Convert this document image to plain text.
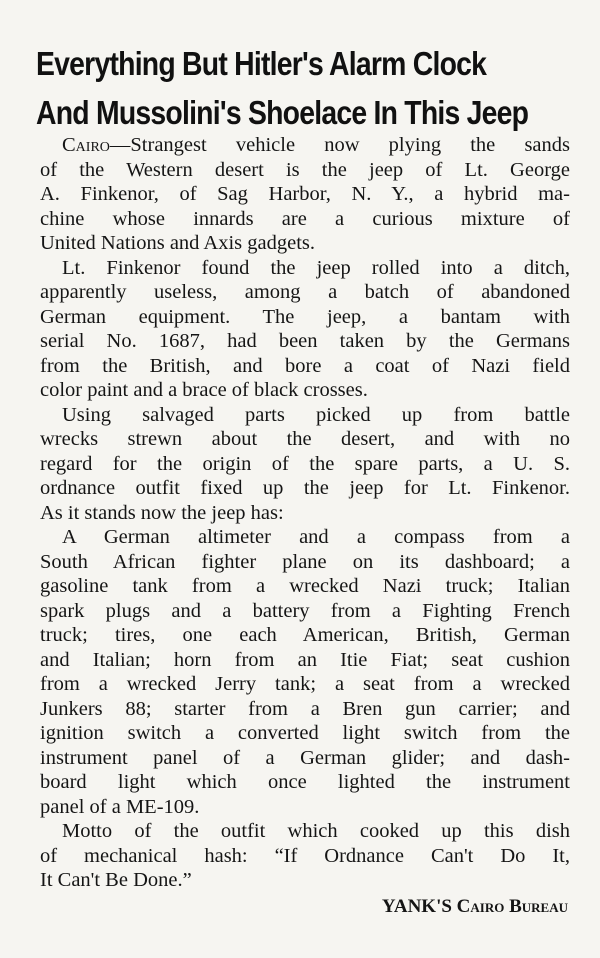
Everything But Hitler's Alarm Clock
And Mussolini's Shoelace In This Jeep
Cairo—Strangest vehicle now plying the sands
of the Western desert is the jeep of Lt. George
A. Finkenor, of Sag Harbor, N. Y., a hybrid ma-
chine whose innards are a curious mixture of
United Nations and Axis gadgets.
Lt. Finkenor found the jeep rolled into a ditch,
apparently useless, among a batch of abandoned
German equipment. The jeep, a bantam with
serial No. 1687, had been taken by the Germans
from the British, and bore a coat of Nazi field
color paint and a brace of black crosses.
Using salvaged parts picked up from battle
wrecks strewn about the desert, and with no
regard for the origin of the spare parts, a U. S.
ordnance outfit fixed up the jeep for Lt. Finkenor.
As it stands now the jeep has:
A German altimeter and a compass from a
South African fighter plane on its dashboard; a
gasoline tank from a wrecked Nazi truck; Italian
spark plugs and a battery from a Fighting French
truck; tires, one each American, British, German
and Italian; horn from an Itie Fiat; seat cushion
from a wrecked Jerry tank; a seat from a wrecked
Junkers 88; starter from a Bren gun carrier; and
ignition switch a converted light switch from the
instrument panel of a German glider; and dash-
board light which once lighted the instrument
panel of a ME-109.
Motto of the outfit which cooked up this dish
of mechanical hash: “If Ordnance Can't Do It,
It Can't Be Done.”
YANK'S Cairo Bureau
